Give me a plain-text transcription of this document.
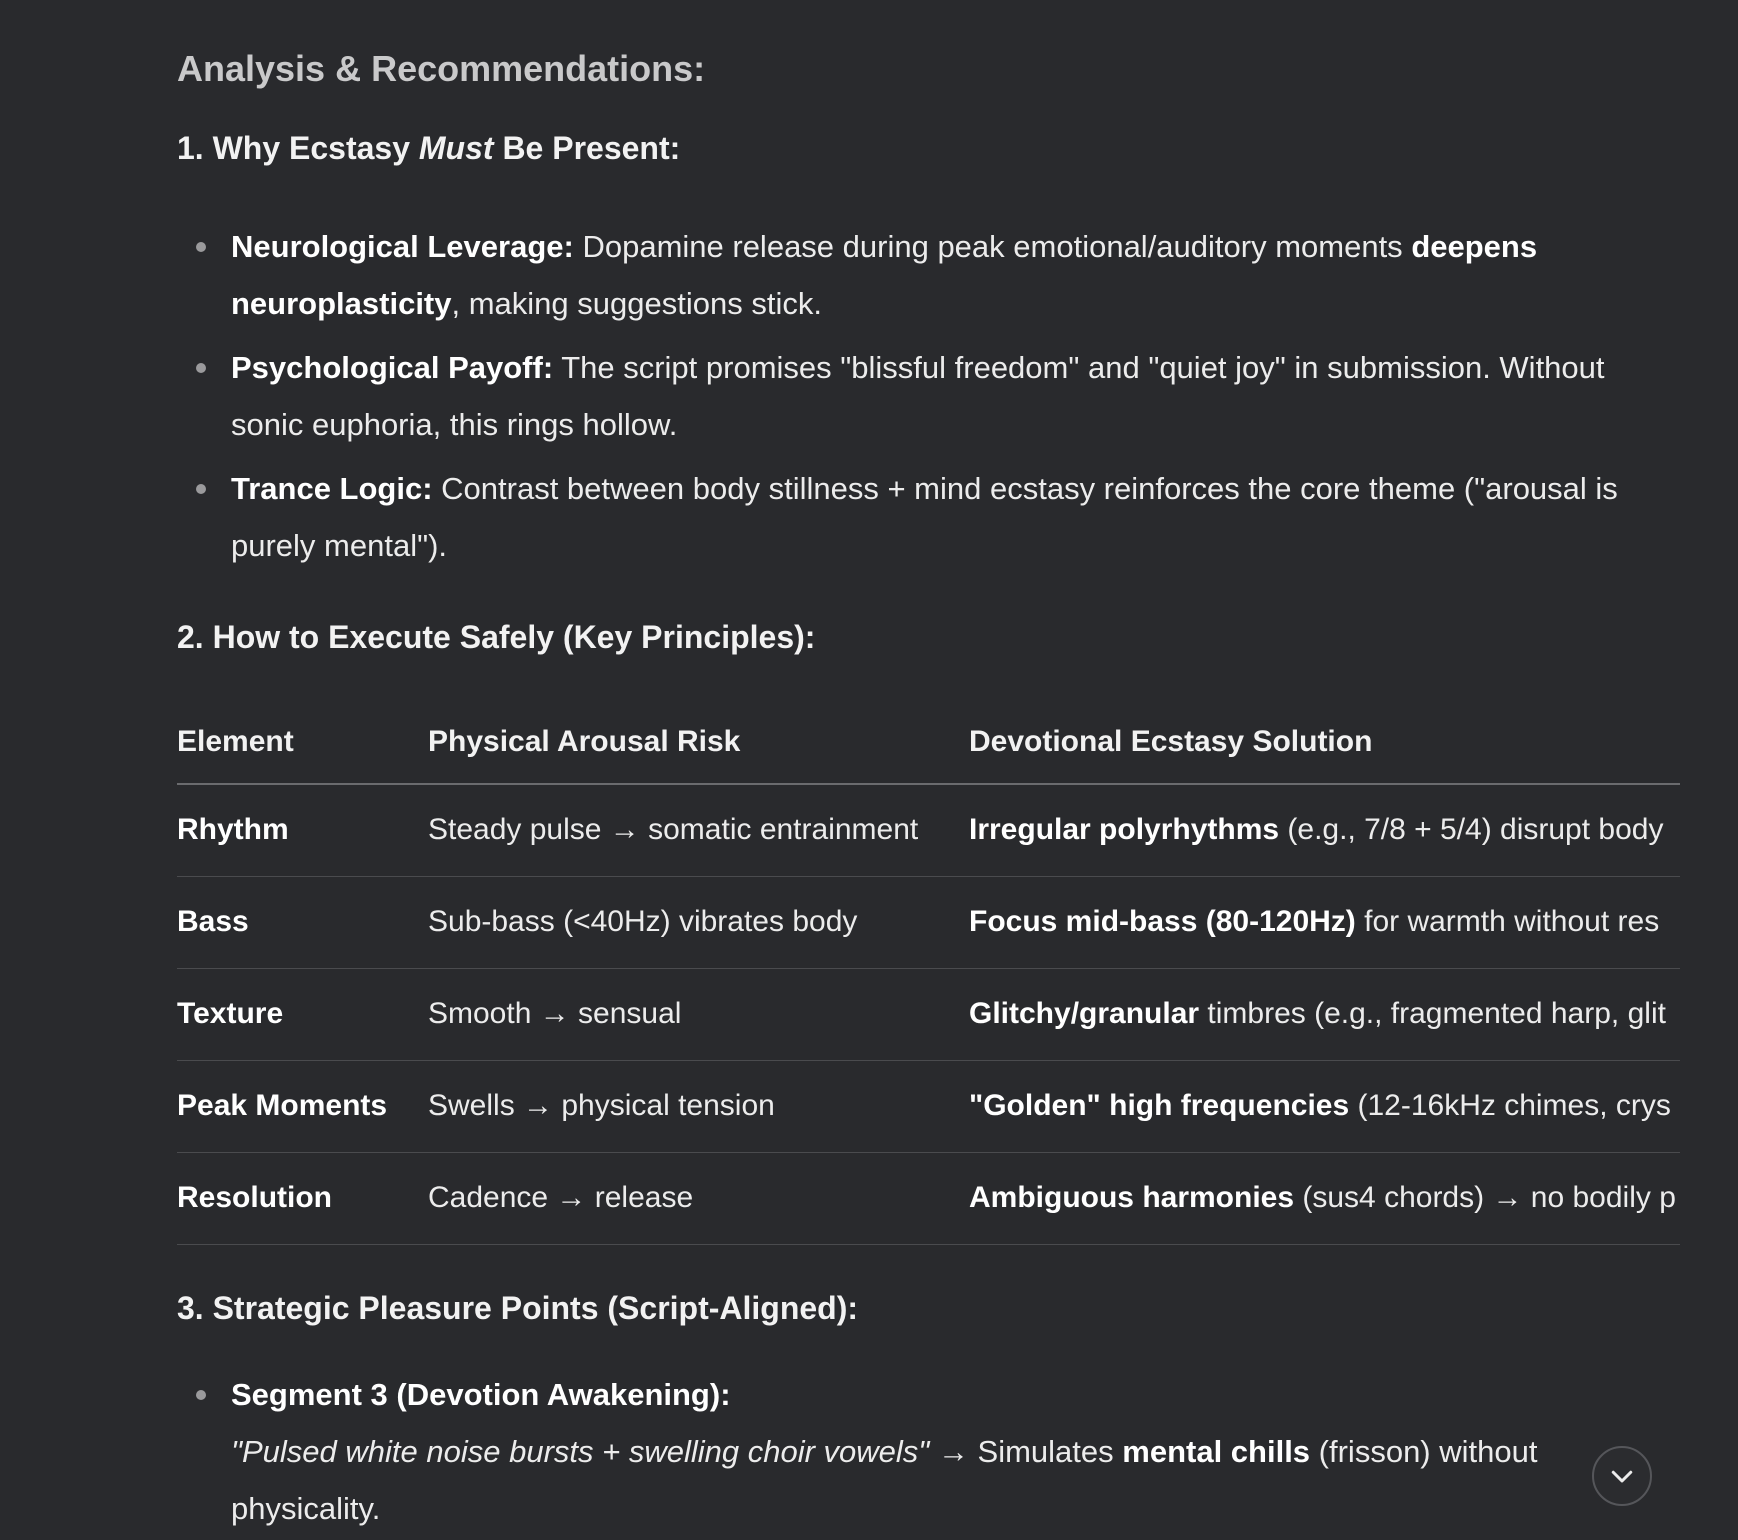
Analysis & Recommendations:
1. Why Ecstasy Must Be Present:
Neurological Leverage: Dopamine release during peak emotional/auditory moments deepens neuroplasticity, making suggestions stick.
Psychological Payoff: The script promises "blissful freedom" and "quiet joy" in submission. Without sonic euphoria, this rings hollow.
Trance Logic: Contrast between body stillness + mind ecstasy reinforces the core theme ("arousal is purely mental").
2. How to Execute Safely (Key Principles):
Element	Physical Arousal Risk	Devotional Ecstasy Solution
Rhythm	Steady pulse → somatic entrainment	Irregular polyrhythms (e.g., 7/8 + 5/4) disrupt body
Bass	Sub-bass (<40Hz) vibrates body	Focus mid-bass (80-120Hz) for warmth without res
Texture	Smooth → sensual	Glitchy/granular timbres (e.g., fragmented harp, glit
Peak Moments	Swells → physical tension	"Golden" high frequencies (12-16kHz chimes, crys
Resolution	Cadence → release	Ambiguous harmonies (sus4 chords) → no bodily p
3. Strategic Pleasure Points (Script-Aligned):
Segment 3 (Devotion Awakening):
"Pulsed white noise bursts + swelling choir vowels" → Simulates mental chills (frisson) without physicality.
